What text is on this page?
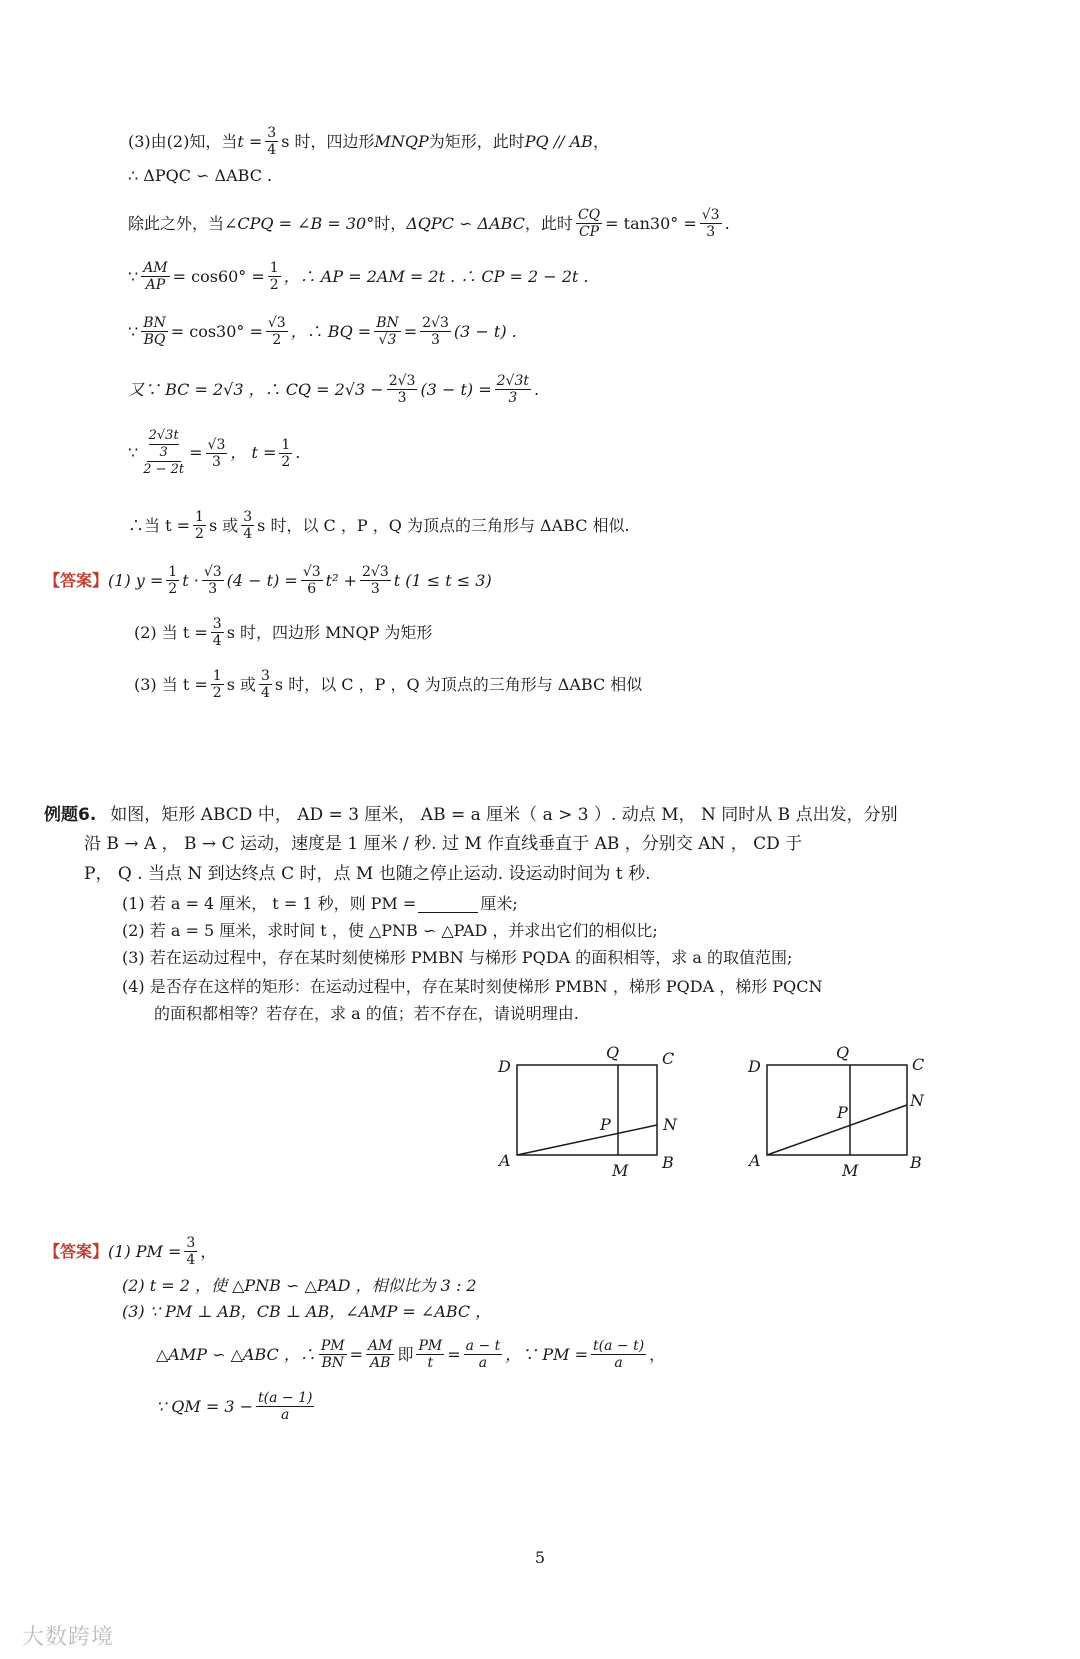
(3)由(2)知，当 $t = \frac{3}{4}$ s 时，四边形 MNQP 为矩形，此时 PQ // AB ，
∴ ΔPQC ∽ ΔABC .
除此之外，当 ∠CPQ = ∠B = 30° 时， ΔQPC ∽ ΔABC ，此时 $\frac{CQ}{CP} = \tan 30^\circ = \frac{√3}{3}$ .
∵ $\frac{AM}{AP} = \cos 60^\circ = \frac{1}{2}$ ，∴ AP = 2AM = 2t . ∴ CP = 2 − 2t .
∵ $\frac{BN}{BQ} = \cos 30^\circ = \frac{√3}{2}$ ，∴ BQ = $\frac{BN}{√3} = \frac{2√3}{3} (3 - t)$ .
又∵ BC = 2√3 ，∴ CQ = $2√3 - \frac{2√3}{3} (3 - t) = \frac{2√3t}{3}$ .
∵ 2√3t
3
$2 - 2t = \frac{√3}{3}$ ， $t = \frac{1}{2}$ .
∴当 $t = \frac{1}{2}$ s 或 $\frac{3}{4}$ s 时，以 C ，P ，Q 为顶点的三角形与 ΔABC 相似.
【答案】 (1) $y = \frac{1}{2}$ $t \cdot \frac{√3}{3} (4 - t) = \frac{√3}{6} t^2 + \frac{2√3}{3}$ t (1 ≤ t ≤ 3)
(2) 当 $t = \frac{3}{4}$ s 时，四边形 MNQP 为矩形
(3) 当 $t = \frac{1}{2}$ s 或 $\frac{3}{4}$ s 时，以 C ，P ，Q 为顶点的三角形与 ΔABC 相似
例题6. 如图，矩形 ABCD 中， AD = 3 厘米， AB = a 厘米（ a > 3 ）. 动点 M， N 同时从 B 点出发，分别
沿 B → A ， B → C 运动，速度是 1 厘米 / 秒. 过 M 作直线垂直于 AB ，分别交 AN ， CD 于
P， Q . 当点 N 到达终点 C 时，点 M 也随之停止运动. 设运动时间为 t 秒.
(1) 若 a = 4 厘米， t = 1 秒，则 PM =	厘米;
(2) 若 a = 5 厘米，求时间 t ，使 △PNB ∽ △PAD ，并求出它们的相似比;
(3) 若在运动过程中，存在某时刻使梯形 PMBN 与梯形 PQDA 的面积相等，求 a 的取值范围;
(4) 是否存在这样的矩形：在运动过程中，存在某时刻使梯形 PMBN ，梯形 PQDA ，梯形 PQCN
的面积都相等？若存在，求 a 的值；若不存在，请说明理由.
D
Q	C
P	N
A
M B
D
Q
C
P
N
A
M	B
【答案】 (1) PM = $\frac{3}{4}$ ，
(2) t = 2 ，使 △PNB ∽ △PAD ，相似比为 3 : 2
(3) ∵ PM ⊥ AB，CB ⊥ AB，∠AMP = ∠ABC ，
△AMP ∽ △ABC ，∴ $\frac{PM}{BN} = \frac{AM}{AB}$ 即 $\frac{PM}{t} = \frac{a - t}{a}$ ，∵ PM = $\frac{t(a - t)}{a}$ ，
∵ QM = $3 - \frac{t(a - 1)}{a}$
5
大数跨境
